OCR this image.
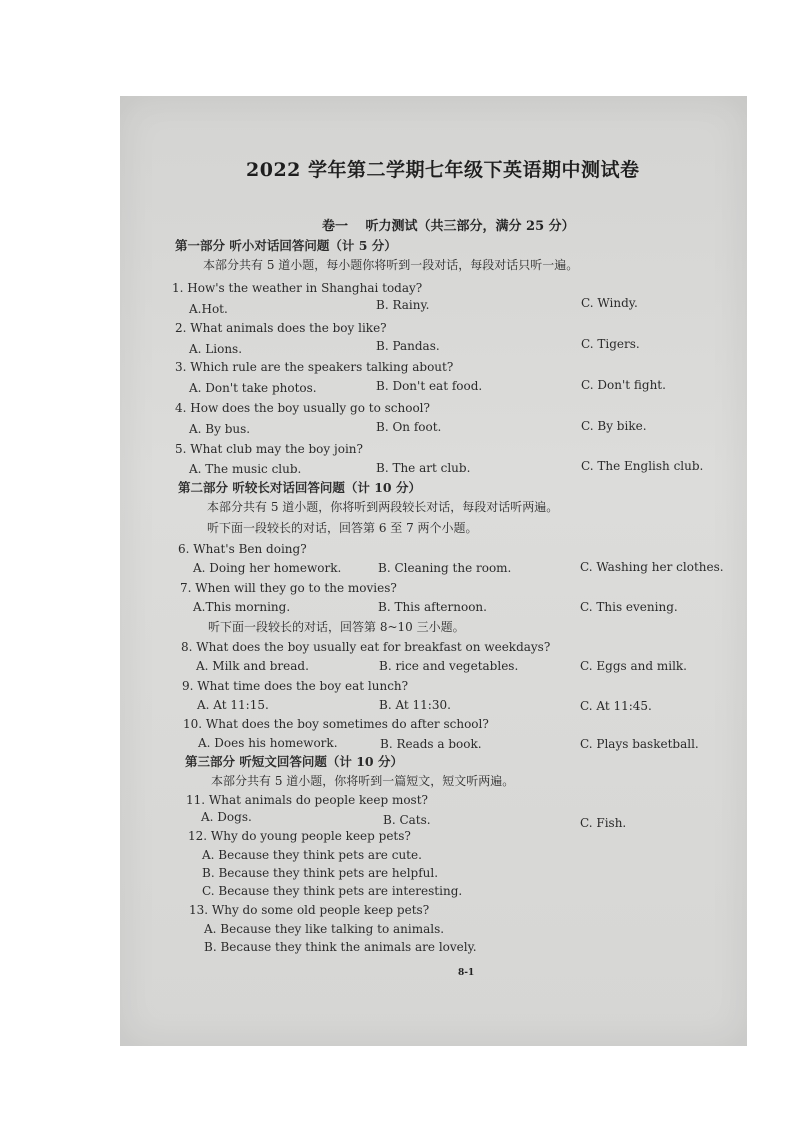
2022 学年第二学期七年级下英语期中测试卷
卷一　 听力测试（共三部分，满分 25 分）
第一部分 听小对话回答问题（计 5 分）
本部分共有 5 道小题，每小题你将听到一段对话，每段对话只听一遍。
1. How's the weather in Shanghai today?
A.Hot.	B. Rainy.	C. Windy.
2. What animals does the boy like?
A. Lions.	B. Pandas.	C. Tigers.
3. Which rule are the speakers talking about?
A. Don't take photos.	B. Don't eat food.	C. Don't fight.
4. How does the boy usually go to school?
A. By bus.	B. On foot.	C. By bike.
5. What club may the boy join?
A. The music club.	B. The art club.	C. The English club.
第二部分 听较长对话回答问题（计 10 分）
本部分共有 5 道小题，你将听到两段较长对话，每段对话听两遍。
听下面一段较长的对话，回答第 6 至 7 两个小题。
6. What's Ben doing?
A. Doing her homework.	B. Cleaning the room.	C. Washing her clothes.
7. When will they go to the movies?
A.This morning.	B. This afternoon.	C. This evening.
听下面一段较长的对话，回答第 8~10 三小题。
8. What does the boy usually eat for breakfast on weekdays?
A. Milk and bread.	B. rice and vegetables.	C. Eggs and milk.
9. What time does the boy eat lunch?
A. At 11:15.	B. At 11:30.	C. At 11:45.
10. What does the boy sometimes do after school?
A. Does his homework.	B. Reads a book.	C. Plays basketball.
第三部分 听短文回答问题（计 10 分）
本部分共有 5 道小题，你将听到一篇短文，短文听两遍。
11. What animals do people keep most?
A. Dogs.	B. Cats.	C. Fish.
12. Why do young people keep pets?
A. Because they think pets are cute.
B. Because they think pets are helpful.
C. Because they think pets are interesting.
13. Why do some old people keep pets?
A. Because they like talking to animals.
B. Because they think the animals are lovely.
8-1
